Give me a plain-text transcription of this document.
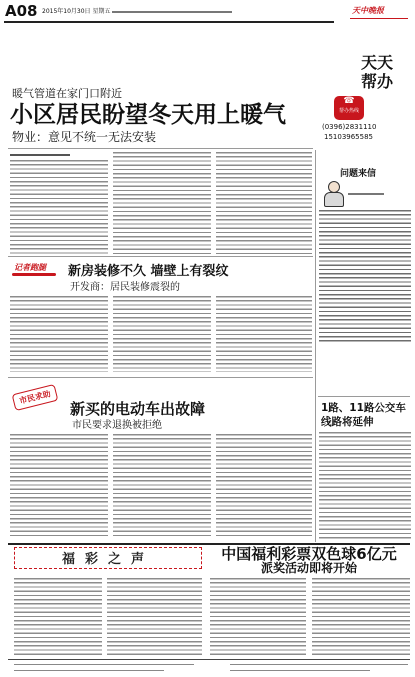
A08 2015年10月30日 星期五	天中晚报
天天
帮办
☎
帮办热线
(0396)2831110
15103965585
暖气管道在家门口附近
小区居民盼望冬天用上暖气
物业：意见不统一无法安装
问题来信
记者跑腿 新房装修不久 墙壁上有裂纹
开发商：居民装修震裂的
市民求助
新买的电动车出故障
市民要求退换被拒绝
1路、11路公交车
线路将延伸
福彩之声	中国福利彩票双色球6亿元
派奖活动即将开始
